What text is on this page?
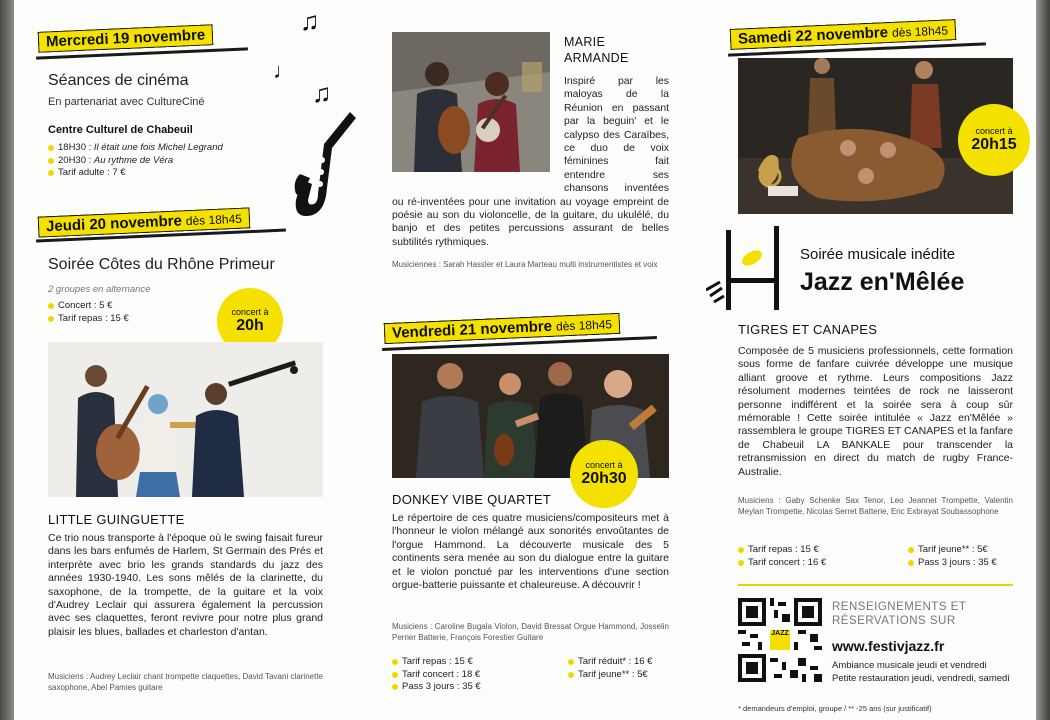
Mercredi 19 novembre
Séances de cinéma
En partenariat avec CultureCiné
Centre Culturel de Chabeuil
18H30 : Il était une fois Michel Legrand
20H30 : Au rythme de Véra
Tarif adulte : 7 €
♫
♩
♫
Jeudi 20 novembre dès 18h45
Soirée Côtes du Rhône Primeur
2 groupes en alternance
Concert : 5 €
Tarif repas : 15 €
concert à
20h
LITTLE GUINGUETTE
Ce trio nous transporte à l'époque où le swing faisait fureur dans les bars enfumés de Harlem, St Germain des Prés et interprète avec brio les grands standards du jazz des années 1930-1940. Les sons mêlés de la clarinette, du saxophone, de la trompette, de la guitare et la voix d'Audrey Leclair qui assurera également la percussion avec ses claquettes, feront revivre pour notre plus grand plaisir les blues, ballades et charleston d'antan.
Musiciens : Audrey Leclair chant trompette claquettes, David Tavani clarinette saxophone, Abel Pamies guitare
MARIE
ARMANDE
Inspiré par les maloyas de la Réunion en passant par la beguin' et le calypso des Caraïbes, ce duo de voix féminines fait entendre ses chansons inventées ou ré-inventées pour une invitation au voyage empreint de poésie au son du violoncelle, de la guitare, du ukulélé, du banjo et des petites percussions assurant de belles subtilités rythmiques.
Musiciennes : Sarah Hassler et Laura Marteau multi instrumentistes et voix
Vendredi 21 novembre dès 18h45
concert à
20h30
DONKEY VIBE QUARTET
Le répertoire de ces quatre musiciens/compositeurs met à l'honneur le violon mélangé aux sonorités envoûtantes de l'orgue Hammond. La découverte musicale des 5 continents sera menée au son du dialogue entre la guitare et le violon ponctué par les interventions d'une section orgue-batterie puissante et chaleureuse. A découvrir !
Musiciens : Caroline Bugala Violon, David Bressat Orgue Hammond, Josselin Perrier Batterie, François Forestier Guitare
Tarif repas : 15 €
Tarif concert : 18 €
Pass 3 jours : 35 €
Tarif réduit* : 16 €
Tarif jeune** : 5€
Samedi 22 novembre dès 18h45
concert à
20h15
Soirée musicale inédite
Jazz en'Mêlée
TIGRES ET CANAPES
Composée de 5 musiciens professionnels, cette formation sous forme de fanfare cuivrée développe une musique alliant groove et rythme. Leurs compositions Jazz résolument modernes teintées de rock ne laisseront personne indifférent et la soirée sera à coup sûr mémorable ! Cette soirée intitulée « Jazz en'Mêlée » rassemblera le groupe TIGRES ET CANAPES et la fanfare de Chabeuil LA BANKALE pour transcender la retransmission en direct du match de rugby France-Australie.
Musiciens : Gaby Schenke Sax Tenor, Leo Jeannet Trompette, Valentin Meylan Trompette, Nicolas Serret Batterie, Eric Exbrayat Soubassophone
Tarif repas : 15 €
Tarif concert : 16 €
Tarif jeune** : 5€
Pass 3 jours : 35 €
JAZZ
RENSEIGNEMENTS ET
RÉSERVATIONS SUR
www.festivjazz.fr
Ambiance musicale jeudi et vendredi
Petite restauration jeudi, vendredi, samedi
* demandeurs d'emploi, groupe / ** -25 ans (sur justificatif)
